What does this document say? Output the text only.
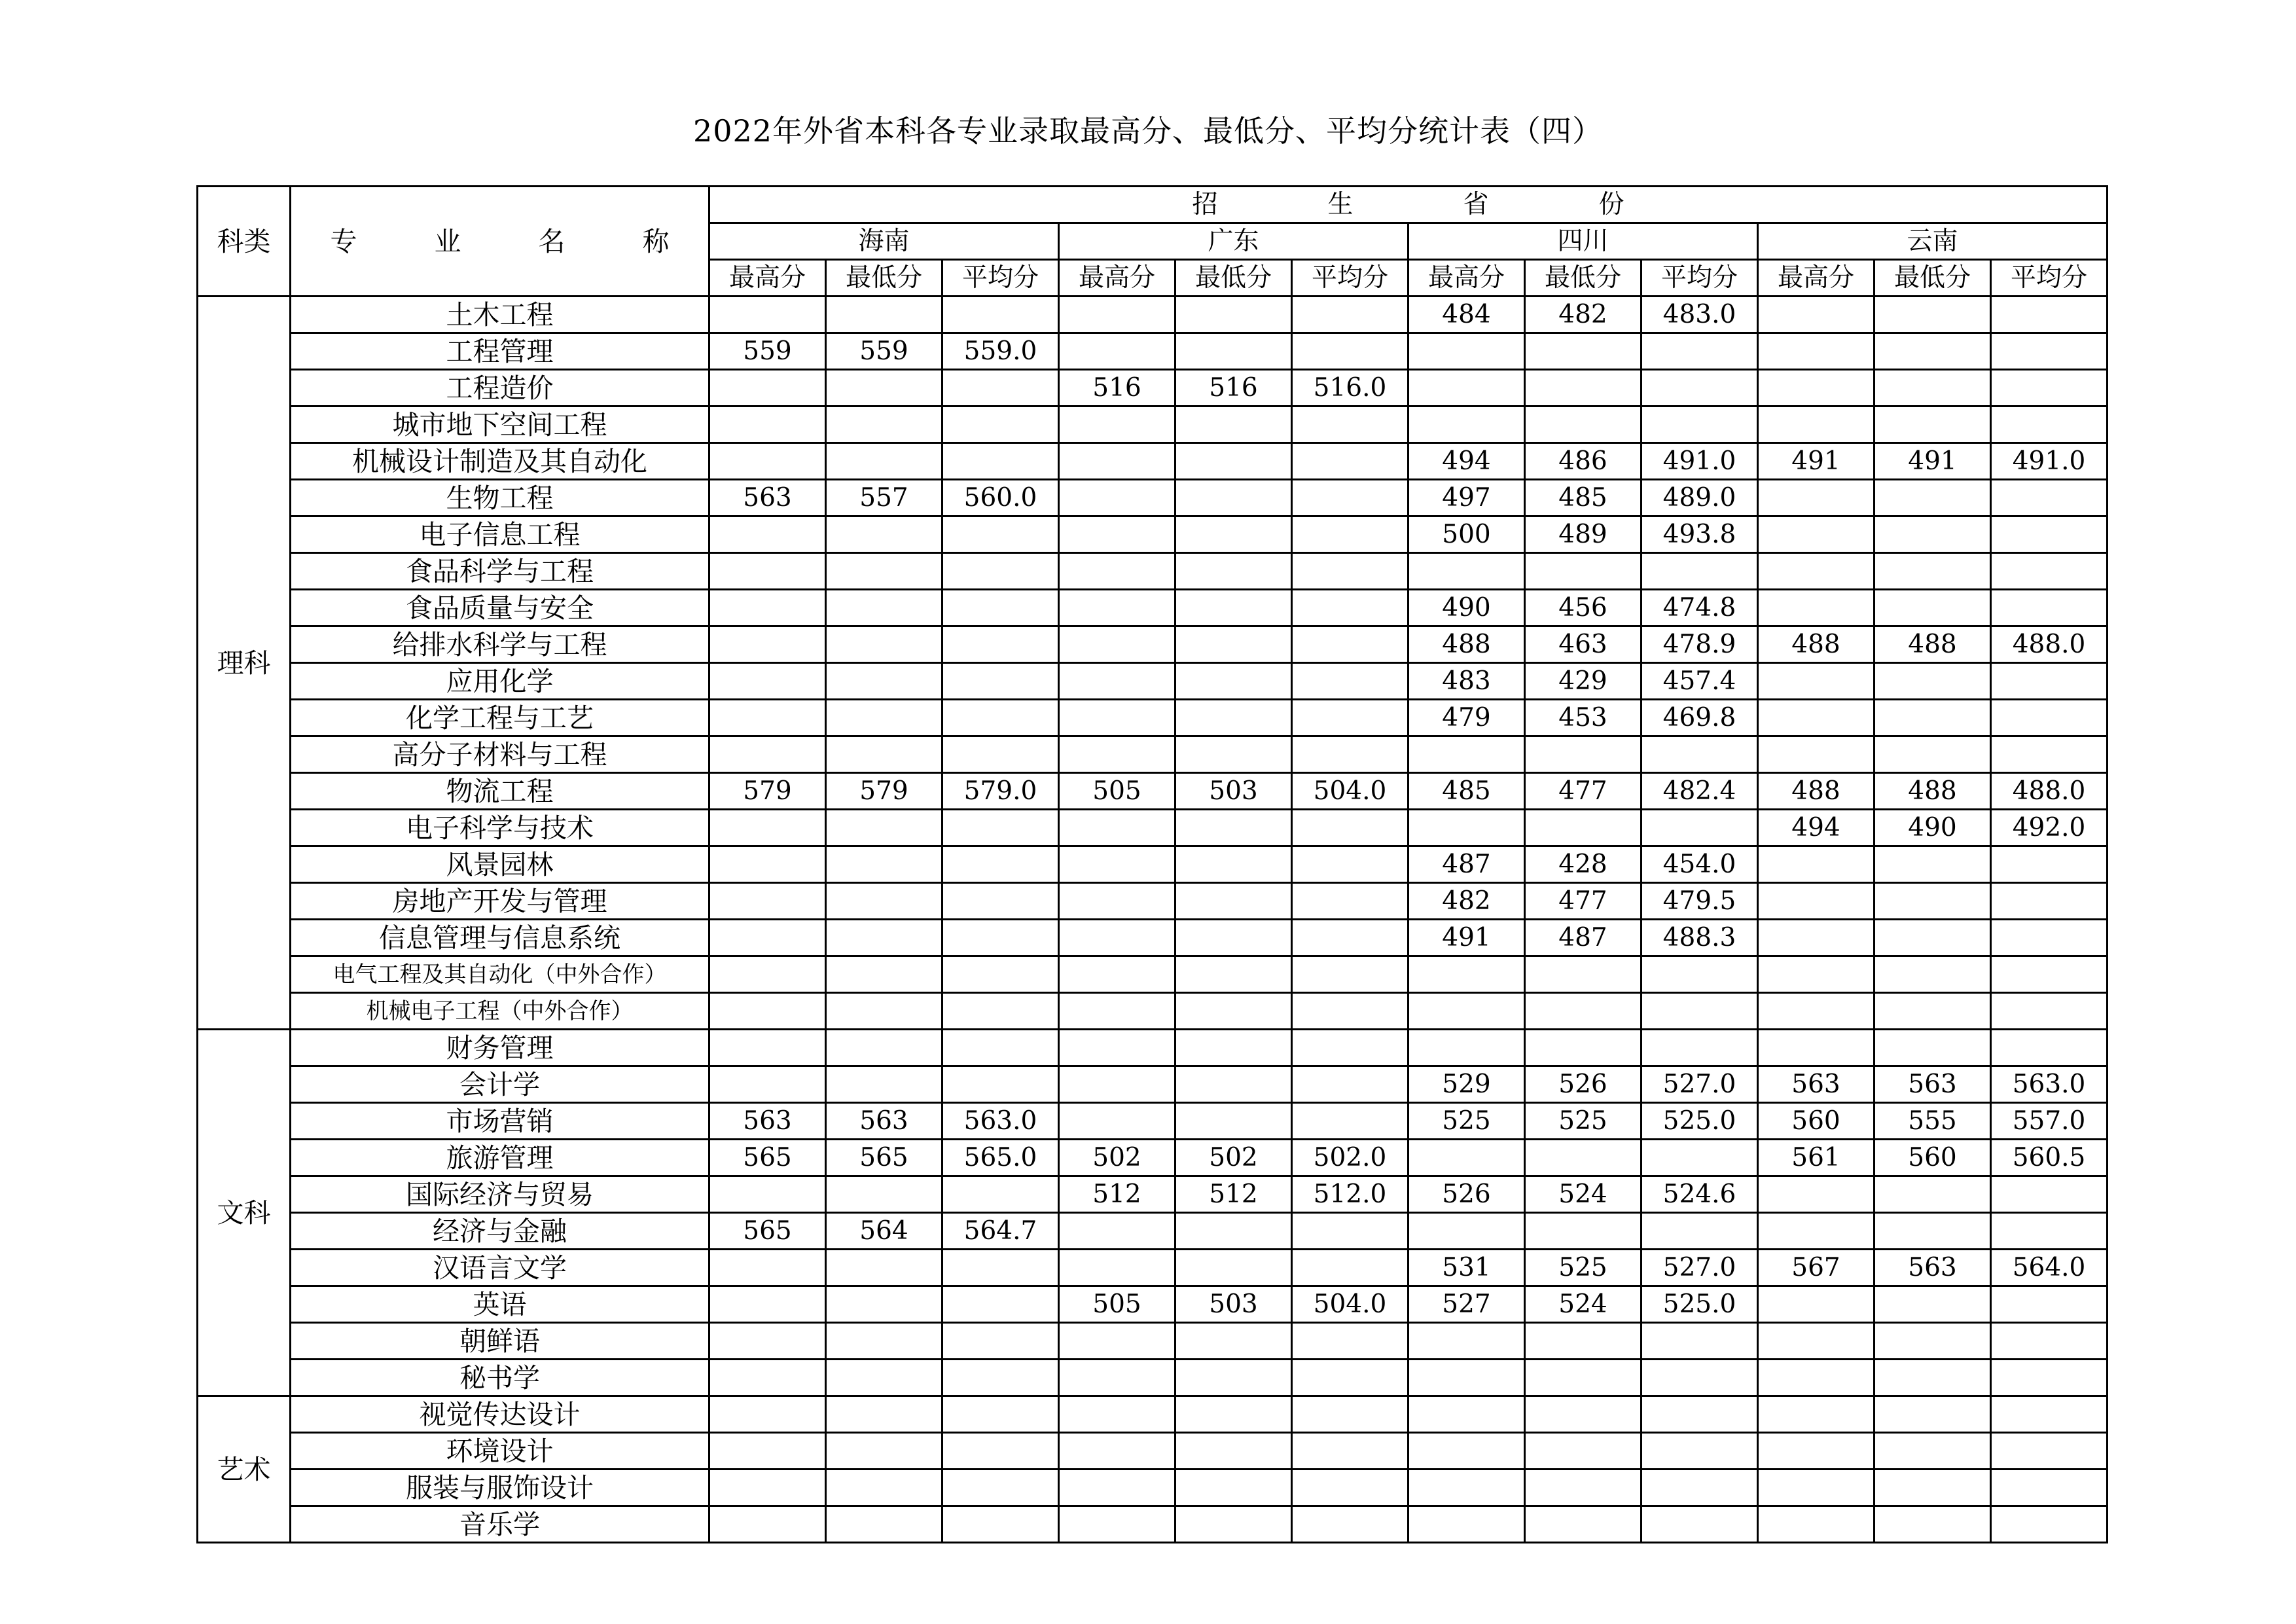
2022年外省本科各专业录取最高分、最低分、平均分统计表（四）
科类	专 业 名 称	招 生 省 份											
		海南			广东			四川			云南		
		最高分	最低分	平均分	最高分	最低分	平均分	最高分	最低分	平均分	最高分	最低分	平均分
理科	土木工程							484	482	483.0			
	工程管理	559	559	559.0									
	工程造价				516	516	516.0						
	城市地下空间工程												
	机械设计制造及其自动化							494	486	491.0	491	491	491.0
	生物工程	563	557	560.0				497	485	489.0			
	电子信息工程							500	489	493.8			
	食品科学与工程												
	食品质量与安全							490	456	474.8			
	给排水科学与工程							488	463	478.9	488	488	488.0
	应用化学							483	429	457.4			
	化学工程与工艺							479	453	469.8			
	高分子材料与工程												
	物流工程	579	579	579.0	505	503	504.0	485	477	482.4	488	488	488.0
	电子科学与技术										494	490	492.0
	风景园林							487	428	454.0			
	房地产开发与管理							482	477	479.5			
	信息管理与信息系统							491	487	488.3			
	电气工程及其自动化（中外合作）												
	机械电子工程（中外合作）												
文科	财务管理												
	会计学							529	526	527.0	563	563	563.0
	市场营销	563	563	563.0				525	525	525.0	560	555	557.0
	旅游管理	565	565	565.0	502	502	502.0				561	560	560.5
	国际经济与贸易				512	512	512.0	526	524	524.6			
	经济与金融	565	564	564.7									
	汉语言文学							531	525	527.0	567	563	564.0
	英语				505	503	504.0	527	524	525.0			
	朝鲜语												
	秘书学												
艺术	视觉传达设计												
	环境设计												
	服装与服饰设计												
	音乐学												
